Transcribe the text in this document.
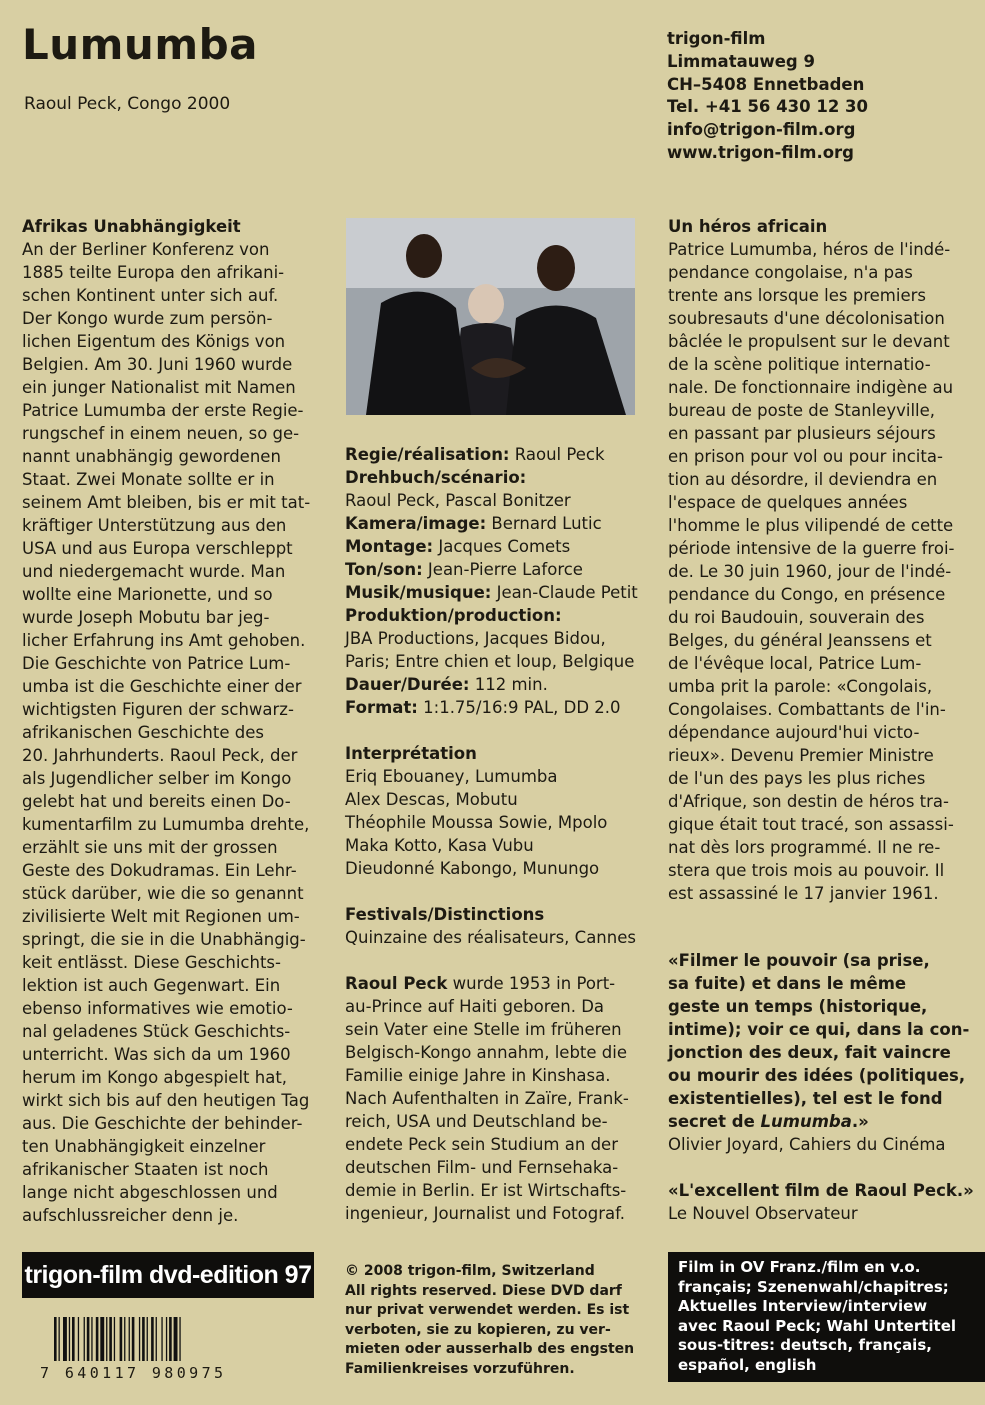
Lumumba
Raoul Peck, Congo 2000
trigon-film
Limmatauweg 9
CH–5408 Ennetbaden
Tel. +41 56 430 12 30
info@trigon-film.org
www.trigon-film.org
Afrikas Unabhängigkeit
An der Berliner Konferenz von
1885 teilte Europa den afrikani-
schen Kontinent unter sich auf.
Der Kongo wurde zum persön-
lichen Eigentum des Königs von
Belgien. Am 30. Juni 1960 wurde
ein junger Nationalist mit Namen
Patrice Lumumba der erste Regie-
rungschef in einem neuen, so ge-
nannt unabhängig gewordenen
Staat. Zwei Monate sollte er in
seinem Amt bleiben, bis er mit tat-
kräftiger Unterstützung aus den
USA und aus Europa verschleppt
und niedergemacht wurde. Man
wollte eine Marionette, und so
wurde Joseph Mobutu bar jeg-
licher Erfahrung ins Amt gehoben.
Die Geschichte von Patrice Lum-
umba ist die Geschichte einer der
wichtigsten Figuren der schwarz-
afrikanischen Geschichte des
20. Jahrhunderts. Raoul Peck, der
als Jugendlicher selber im Kongo
gelebt hat und bereits einen Do-
kumentarfilm zu Lumumba drehte,
erzählt sie uns mit der grossen
Geste des Dokudramas. Ein Lehr-
stück darüber, wie die so genannt
zivilisierte Welt mit Regionen um-
springt, die sie in die Unabhängig-
keit entlässt. Diese Geschichts-
lektion ist auch Gegenwart. Ein
ebenso informatives wie emotio-
nal geladenes Stück Geschichts-
unterricht. Was sich da um 1960
herum im Kongo abgespielt hat,
wirkt sich bis auf den heutigen Tag
aus. Die Geschichte der behinder-
ten Unabhängigkeit einzelner
afrikanischer Staaten ist noch
lange nicht abgeschlossen und
aufschlussreicher denn je.
Regie/réalisation: Raoul Peck
Drehbuch/scénario:
Raoul Peck, Pascal Bonitzer
Kamera/image: Bernard Lutic
Montage: Jacques Comets
Ton/son: Jean-Pierre Laforce
Musik/musique: Jean-Claude Petit
Produktion/production:
JBA Productions, Jacques Bidou,
Paris; Entre chien et loup, Belgique
Dauer/Durée: 112 min.
Format: 1:1.75/16:9 PAL, DD 2.0
Interprétation
Eriq Ebouaney, Lumumba
Alex Descas, Mobutu
Théophile Moussa Sowie, Mpolo
Maka Kotto, Kasa Vubu
Dieudonné Kabongo, Munungo
Festivals/Distinctions
Quinzaine des réalisateurs, Cannes
Raoul Peck wurde 1953 in Port-
au-Prince auf Haiti geboren. Da
sein Vater eine Stelle im früheren
Belgisch-Kongo annahm, lebte die
Familie einige Jahre in Kinshasa.
Nach Aufenthalten in Zaïre, Frank-
reich, USA und Deutschland be-
endete Peck sein Studium an der
deutschen Film- und Fernsehaka-
demie in Berlin. Er ist Wirtschafts-
ingenieur, Journalist und Fotograf.
Un héros africain
Patrice Lumumba, héros de l'indé-
pendance congolaise, n'a pas
trente ans lorsque les premiers
soubresauts d'une décolonisation
bâclée le propulsent sur le devant
de la scène politique internatio-
nale. De fonctionnaire indigène au
bureau de poste de Stanleyville,
en passant par plusieurs séjours
en prison pour vol ou pour incita-
tion au désordre, il deviendra en
l'espace de quelques années
l'homme le plus vilipendé de cette
période intensive de la guerre froi-
de. Le 30 juin 1960, jour de l'indé-
pendance du Congo, en présence
du roi Baudouin, souverain des
Belges, du général Jeanssens et
de l'évêque local, Patrice Lum-
umba prit la parole: «Congolais,
Congolaises. Combattants de l'in-
dépendance aujourd'hui victo-
rieux». Devenu Premier Ministre
de l'un des pays les plus riches
d'Afrique, son destin de héros tra-
gique était tout tracé, son assassi-
nat dès lors programmé. Il ne re-
stera que trois mois au pouvoir. Il
est assassiné le 17 janvier 1961.
«Filmer le pouvoir (sa prise,
sa fuite) et dans le même
geste un temps (historique,
intime); voir ce qui, dans la con-
jonction des deux, fait vaincre
ou mourir des idées (politiques,
existentielles), tel est le fond
secret de Lumumba.»
Olivier Joyard, Cahiers du Cinéma
«L'excellent film de Raoul Peck.»
Le Nouvel Observateur
trigon-film dvd-edition 97
7 640117 980975
© 2008 trigon-film, Switzerland
All rights reserved. Diese DVD darf
nur privat verwendet werden. Es ist
verboten, sie zu kopieren, zu ver-
mieten oder ausserhalb des engsten
Familienkreises vorzuführen.
Film in OV Franz./film en v.o.
français; Szenenwahl/chapitres;
Aktuelles Interview/interview
avec Raoul Peck; Wahl Untertitel
sous-titres: deutsch, français,
español, english
